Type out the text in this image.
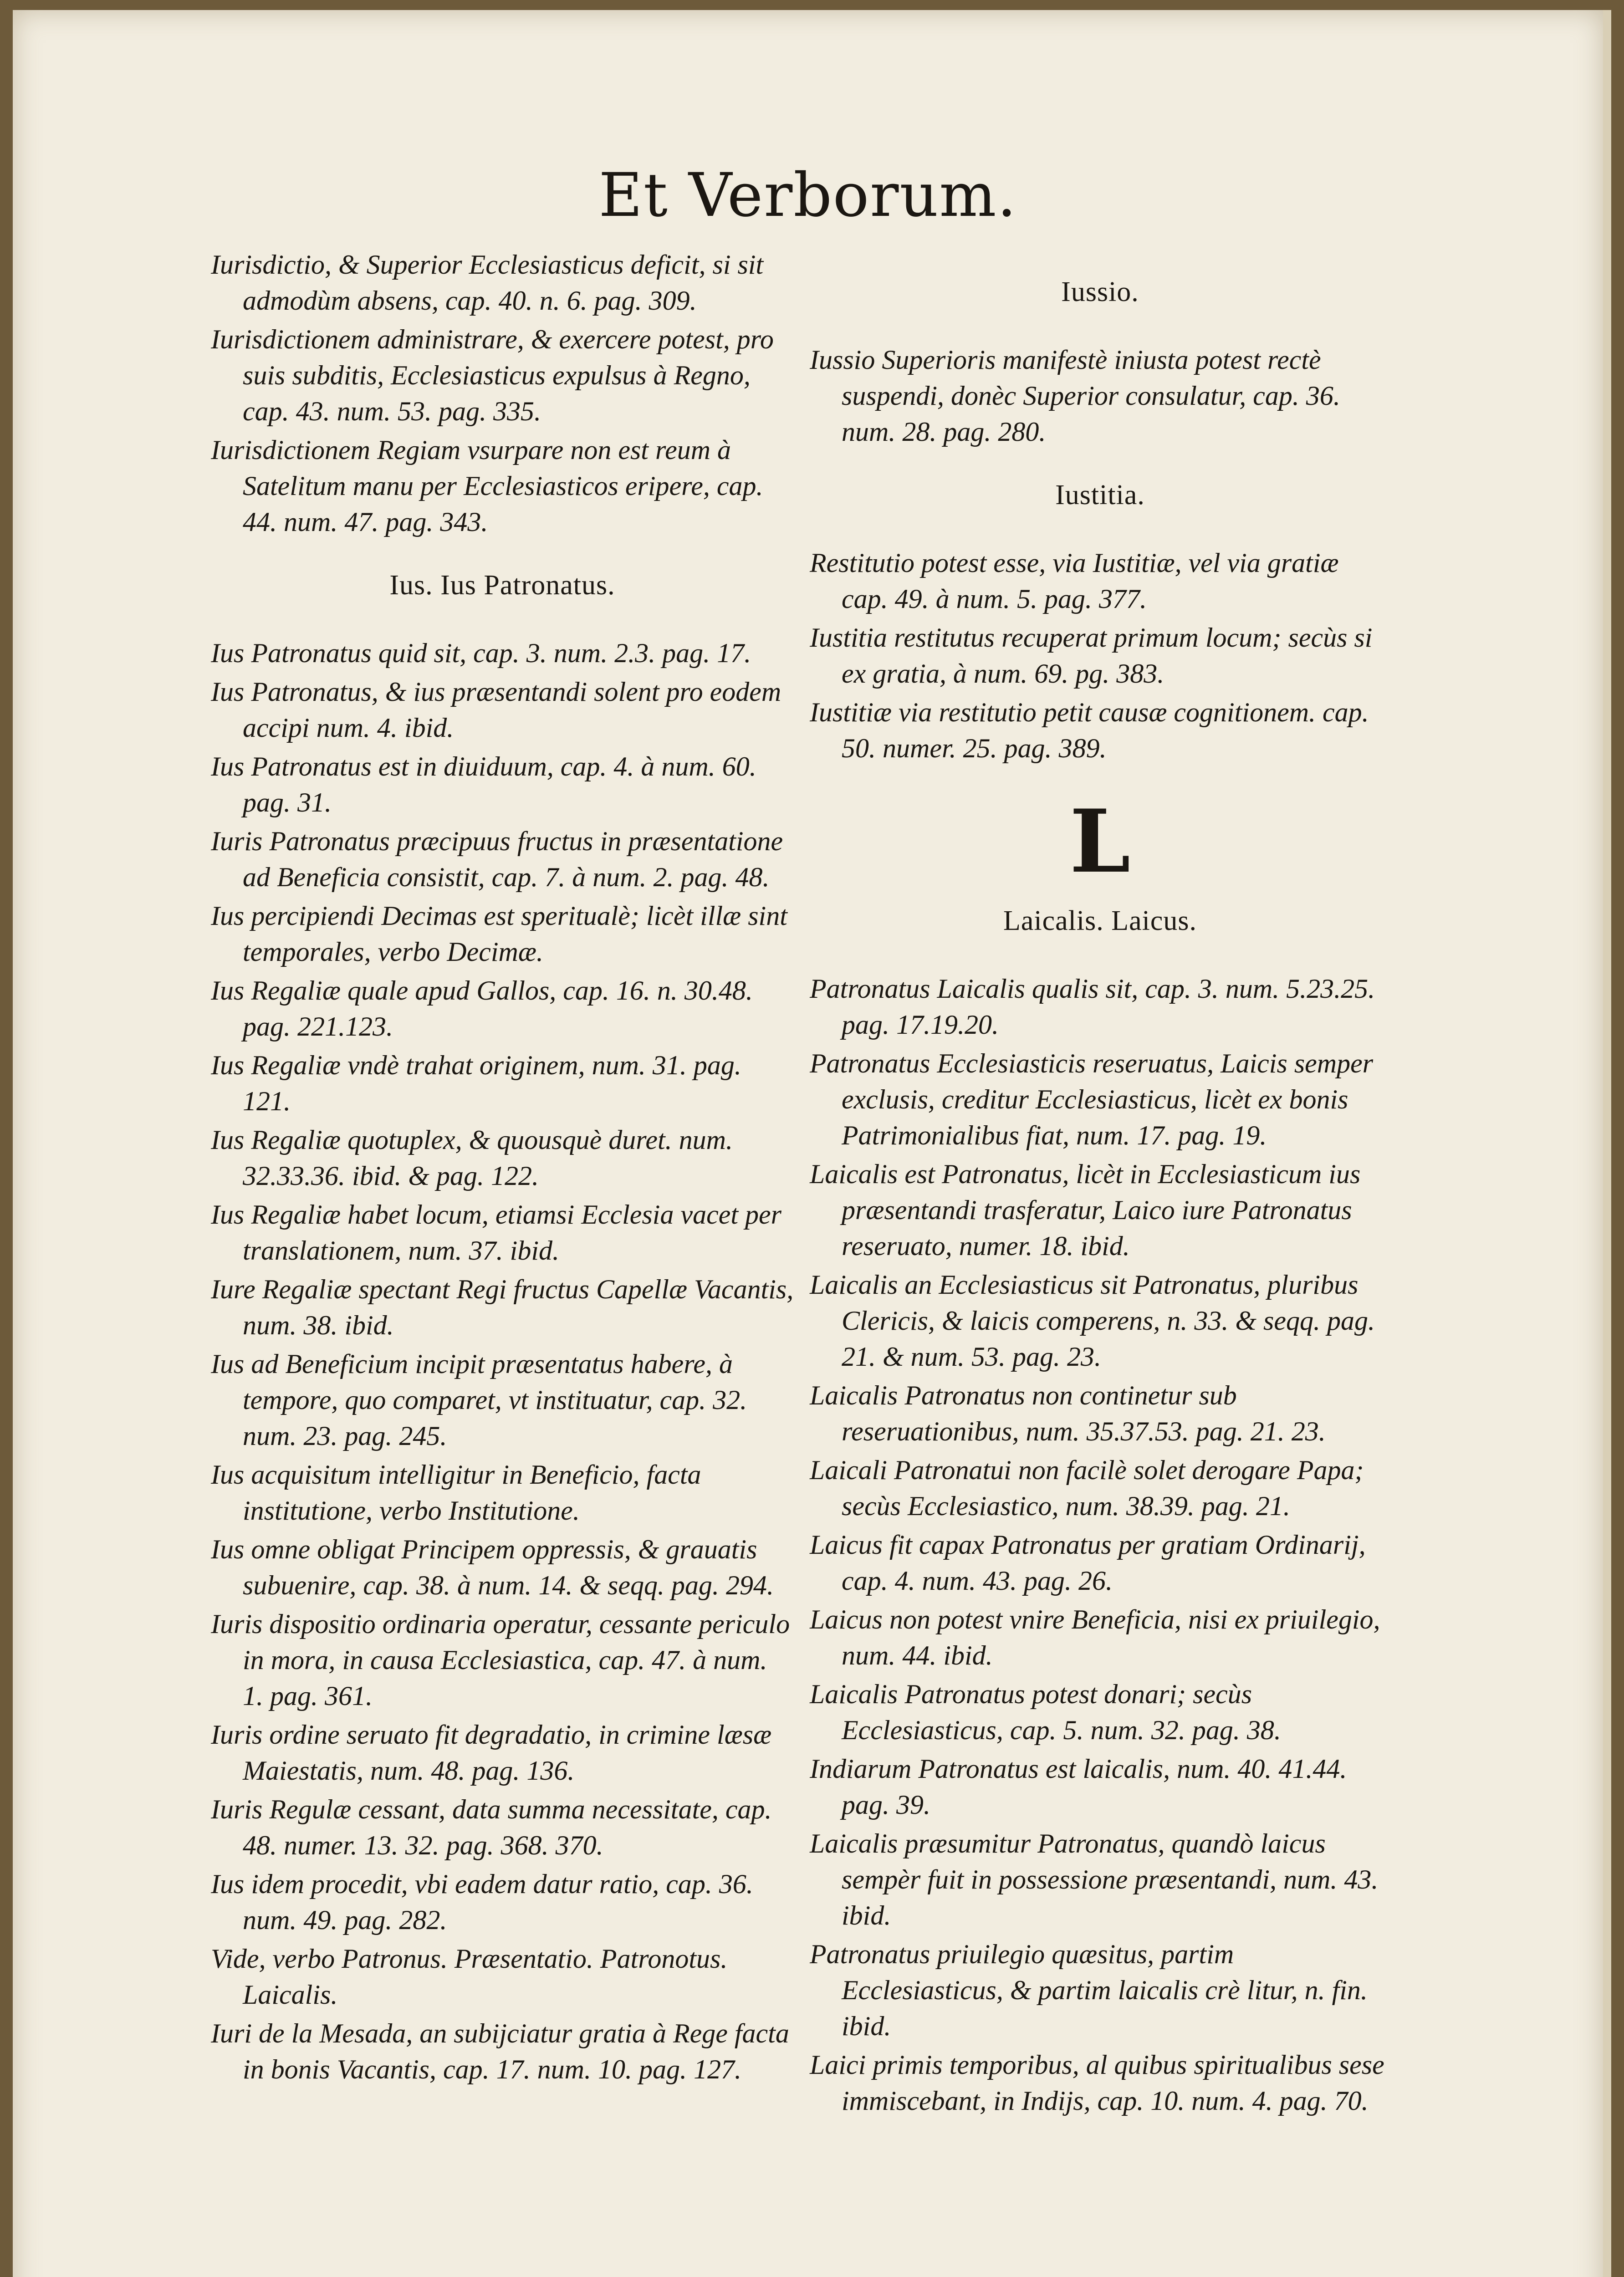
Et Verborum.

Iurisdictio, & Superior Ecclesiasticus deficit, si sit admodùm absens, cap. 40. n. 6. pag. 309.

Iurisdictionem administrare, & exercere potest, pro suis subditis, Ecclesiasticus expulsus à Regno, cap. 43. num. 53. pag. 335.

Iurisdictionem Regiam vsurpare non est reum à Satelitum manu per Ecclesiasticos eripere, cap. 44. num. 47. pag. 343.

Ius. Ius Patronatus.

Ius Patronatus quid sit, cap. 3. num. 2.3. pag. 17.

Ius Patronatus, & ius præsentandi solent pro eodem accipi num. 4. ibid.

Ius Patronatus est in diuiduum, cap. 4. à num. 60. pag. 31.

Iuris Patronatus præcipuus fructus in præsentatione ad Beneficia consistit, cap. 7. à num. 2. pag. 48.

Ius percipiendi Decimas est speritualè; licèt illæ sint temporales, verbo Decimæ.

Ius Regaliæ quale apud Gallos, cap. 16. n. 30.48. pag. 221.123.

Ius Regaliæ vndè trahat originem, num. 31. pag. 121.

Ius Regaliæ quotuplex, & quousquè duret. num. 32.33.36. ibid. & pag. 122.

Ius Regaliæ habet locum, etiamsi Ecclesia vacet per translationem, num. 37. ibid.

Iure Regaliæ spectant Regi fructus Capellæ Vacantis, num. 38. ibid.

Ius ad Beneficium incipit præsentatus habere, à tempore, quo comparet, vt instituatur, cap. 32. num. 23. pag. 245.

Ius acquisitum intelligitur in Beneficio, facta institutione, verbo Institutione.

Ius omne obligat Principem oppressis, & grauatis subuenire, cap. 38. à num. 14. & seqq. pag. 294.

Iuris dispositio ordinaria operatur, cessante periculo in mora, in causa Ecclesiastica, cap. 47. à num. 1. pag. 361.

Iuris ordine seruato fit degradatio, in crimine læsæ Maiestatis, num. 48. pag. 136.

Iuris Regulæ cessant, data summa necessitate, cap. 48. numer. 13. 32. pag. 368. 370.

Ius idem procedit, vbi eadem datur ratio, cap. 36. num. 49. pag. 282.

Vide, verbo Patronus. Præsentatio. Patronotus. Laicalis.

Iuri de la Mesada, an subijciatur gratia à Rege facta in bonis Vacantis, cap. 17. num. 10. pag. 127.

Iussio.

Iussio Superioris manifestè iniusta potest rectè suspendi, donèc Superior consulatur, cap. 36. num. 28. pag. 280.

Iustitia.

Restitutio potest esse, via Iustitiæ, vel via gratiæ cap. 49. à num. 5. pag. 377.

Iustitia restitutus recuperat primum locum; secùs si ex gratia, à num. 69. pg. 383.

Iustitiæ via restitutio petit causæ cognitionem. cap. 50. numer. 25. pag. 389.

L
Laicalis. Laicus.

Patronatus Laicalis qualis sit, cap. 3. num. 5.23.25. pag. 17.19.20.

Patronatus Ecclesiasticis reseruatus, Laicis semper exclusis, creditur Ecclesiasticus, licèt ex bonis Patrimonialibus fiat, num. 17. pag. 19.

Laicalis est Patronatus, licèt in Ecclesiasticum ius præsentandi trasferatur, Laico iure Patronatus reseruato, numer. 18. ibid.

Laicalis an Ecclesiasticus sit Patronatus, pluribus Clericis, & laicis comperens, n. 33. & seqq. pag. 21. & num. 53. pag. 23.

Laicalis Patronatus non continetur sub reseruationibus, num. 35.37.53. pag. 21. 23.

Laicali Patronatui non facilè solet derogare Papa; secùs Ecclesiastico, num. 38.39. pag. 21.

Laicus fit capax Patronatus per gratiam Ordinarij, cap. 4. num. 43. pag. 26.

Laicus non potest vnire Beneficia, nisi ex priuilegio, num. 44. ibid.

Laicalis Patronatus potest donari; secùs Ecclesiasticus, cap. 5. num. 32. pag. 38.

Indiarum Patronatus est laicalis, num. 40. 41.44. pag. 39.

Laicalis præsumitur Patronatus, quandò laicus sempèr fuit in possessione præsentandi, num. 43. ibid.

Patronatus priuilegio quæsitus, partim Ecclesiasticus, & partim laicalis crè litur, n. fin. ibid.

Laici primis temporibus, al quibus spiritualibus sese immiscebant, in Indijs, cap. 10. num. 4. pag. 70.
